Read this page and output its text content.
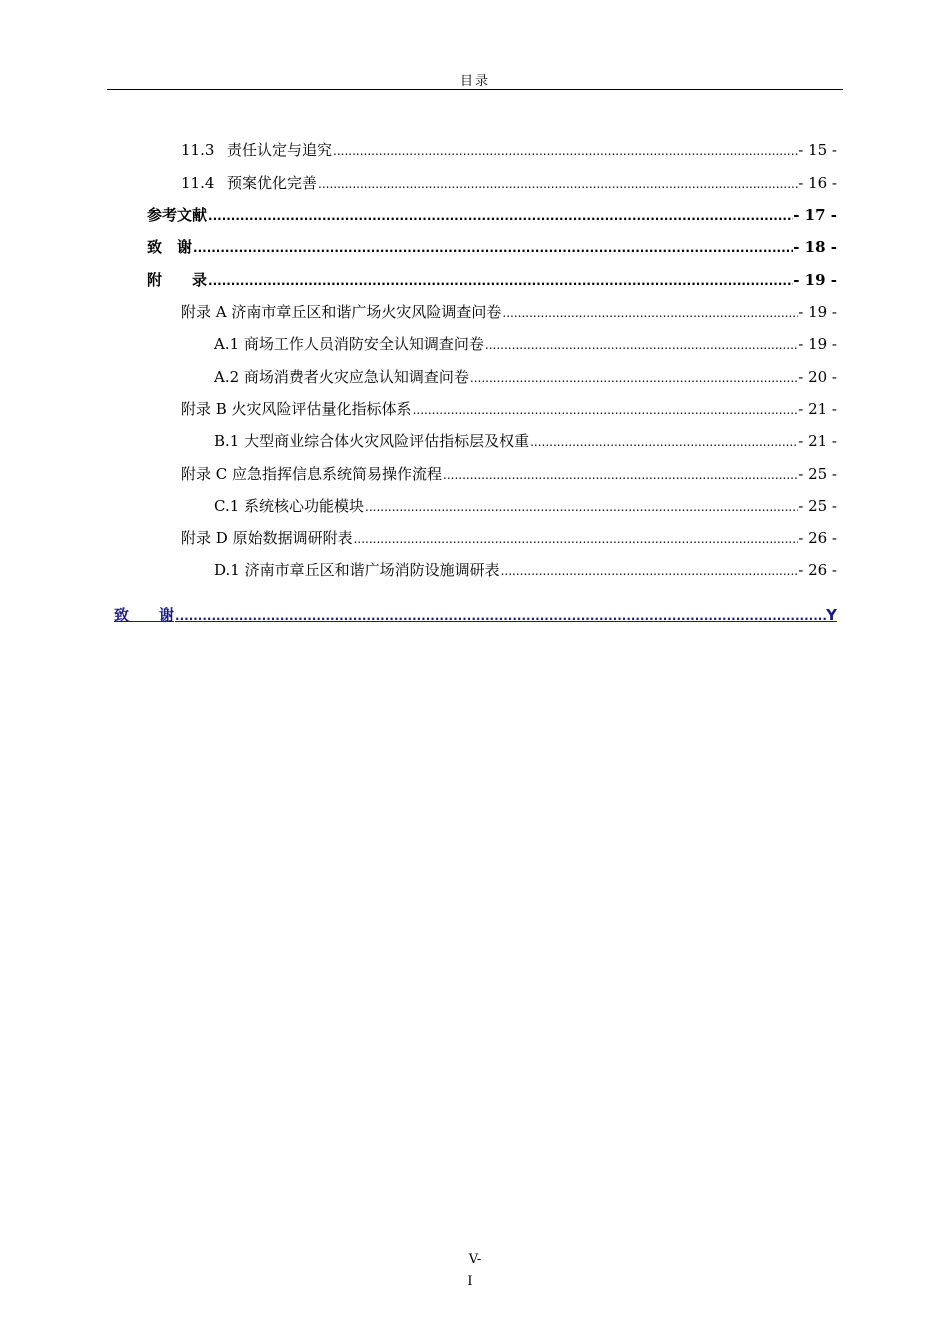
目录
11.3 责任认定与追究 .....	- 15 -
11.4 预案优化完善 .....	- 16 -
参考文献 .....	- 17 -
致　谢 .....	- 18 -
附　　录 .....	- 19 -
附录 A 济南市章丘区和谐广场火灾风险调查问卷 .....	- 19 -
A.1 商场工作人员消防安全认知调查问卷 .....	- 19 -
A.2 商场消费者火灾应急认知调查问卷 .....	- 20 -
附录 B 火灾风险评估量化指标体系 .....	- 21 -
B.1 大型商业综合体火灾风险评估指标层及权重 .....	- 21 -
附录 C 应急指挥信息系统简易操作流程 .....	- 25 -
C.1 系统核心功能模块 .....	- 25 -
附录 D 原始数据调研附表 .....	- 26 -
D.1 济南市章丘区和谐广场消防设施调研表 .....	- 26 -
致　　谢 .....	Y
V-
I
